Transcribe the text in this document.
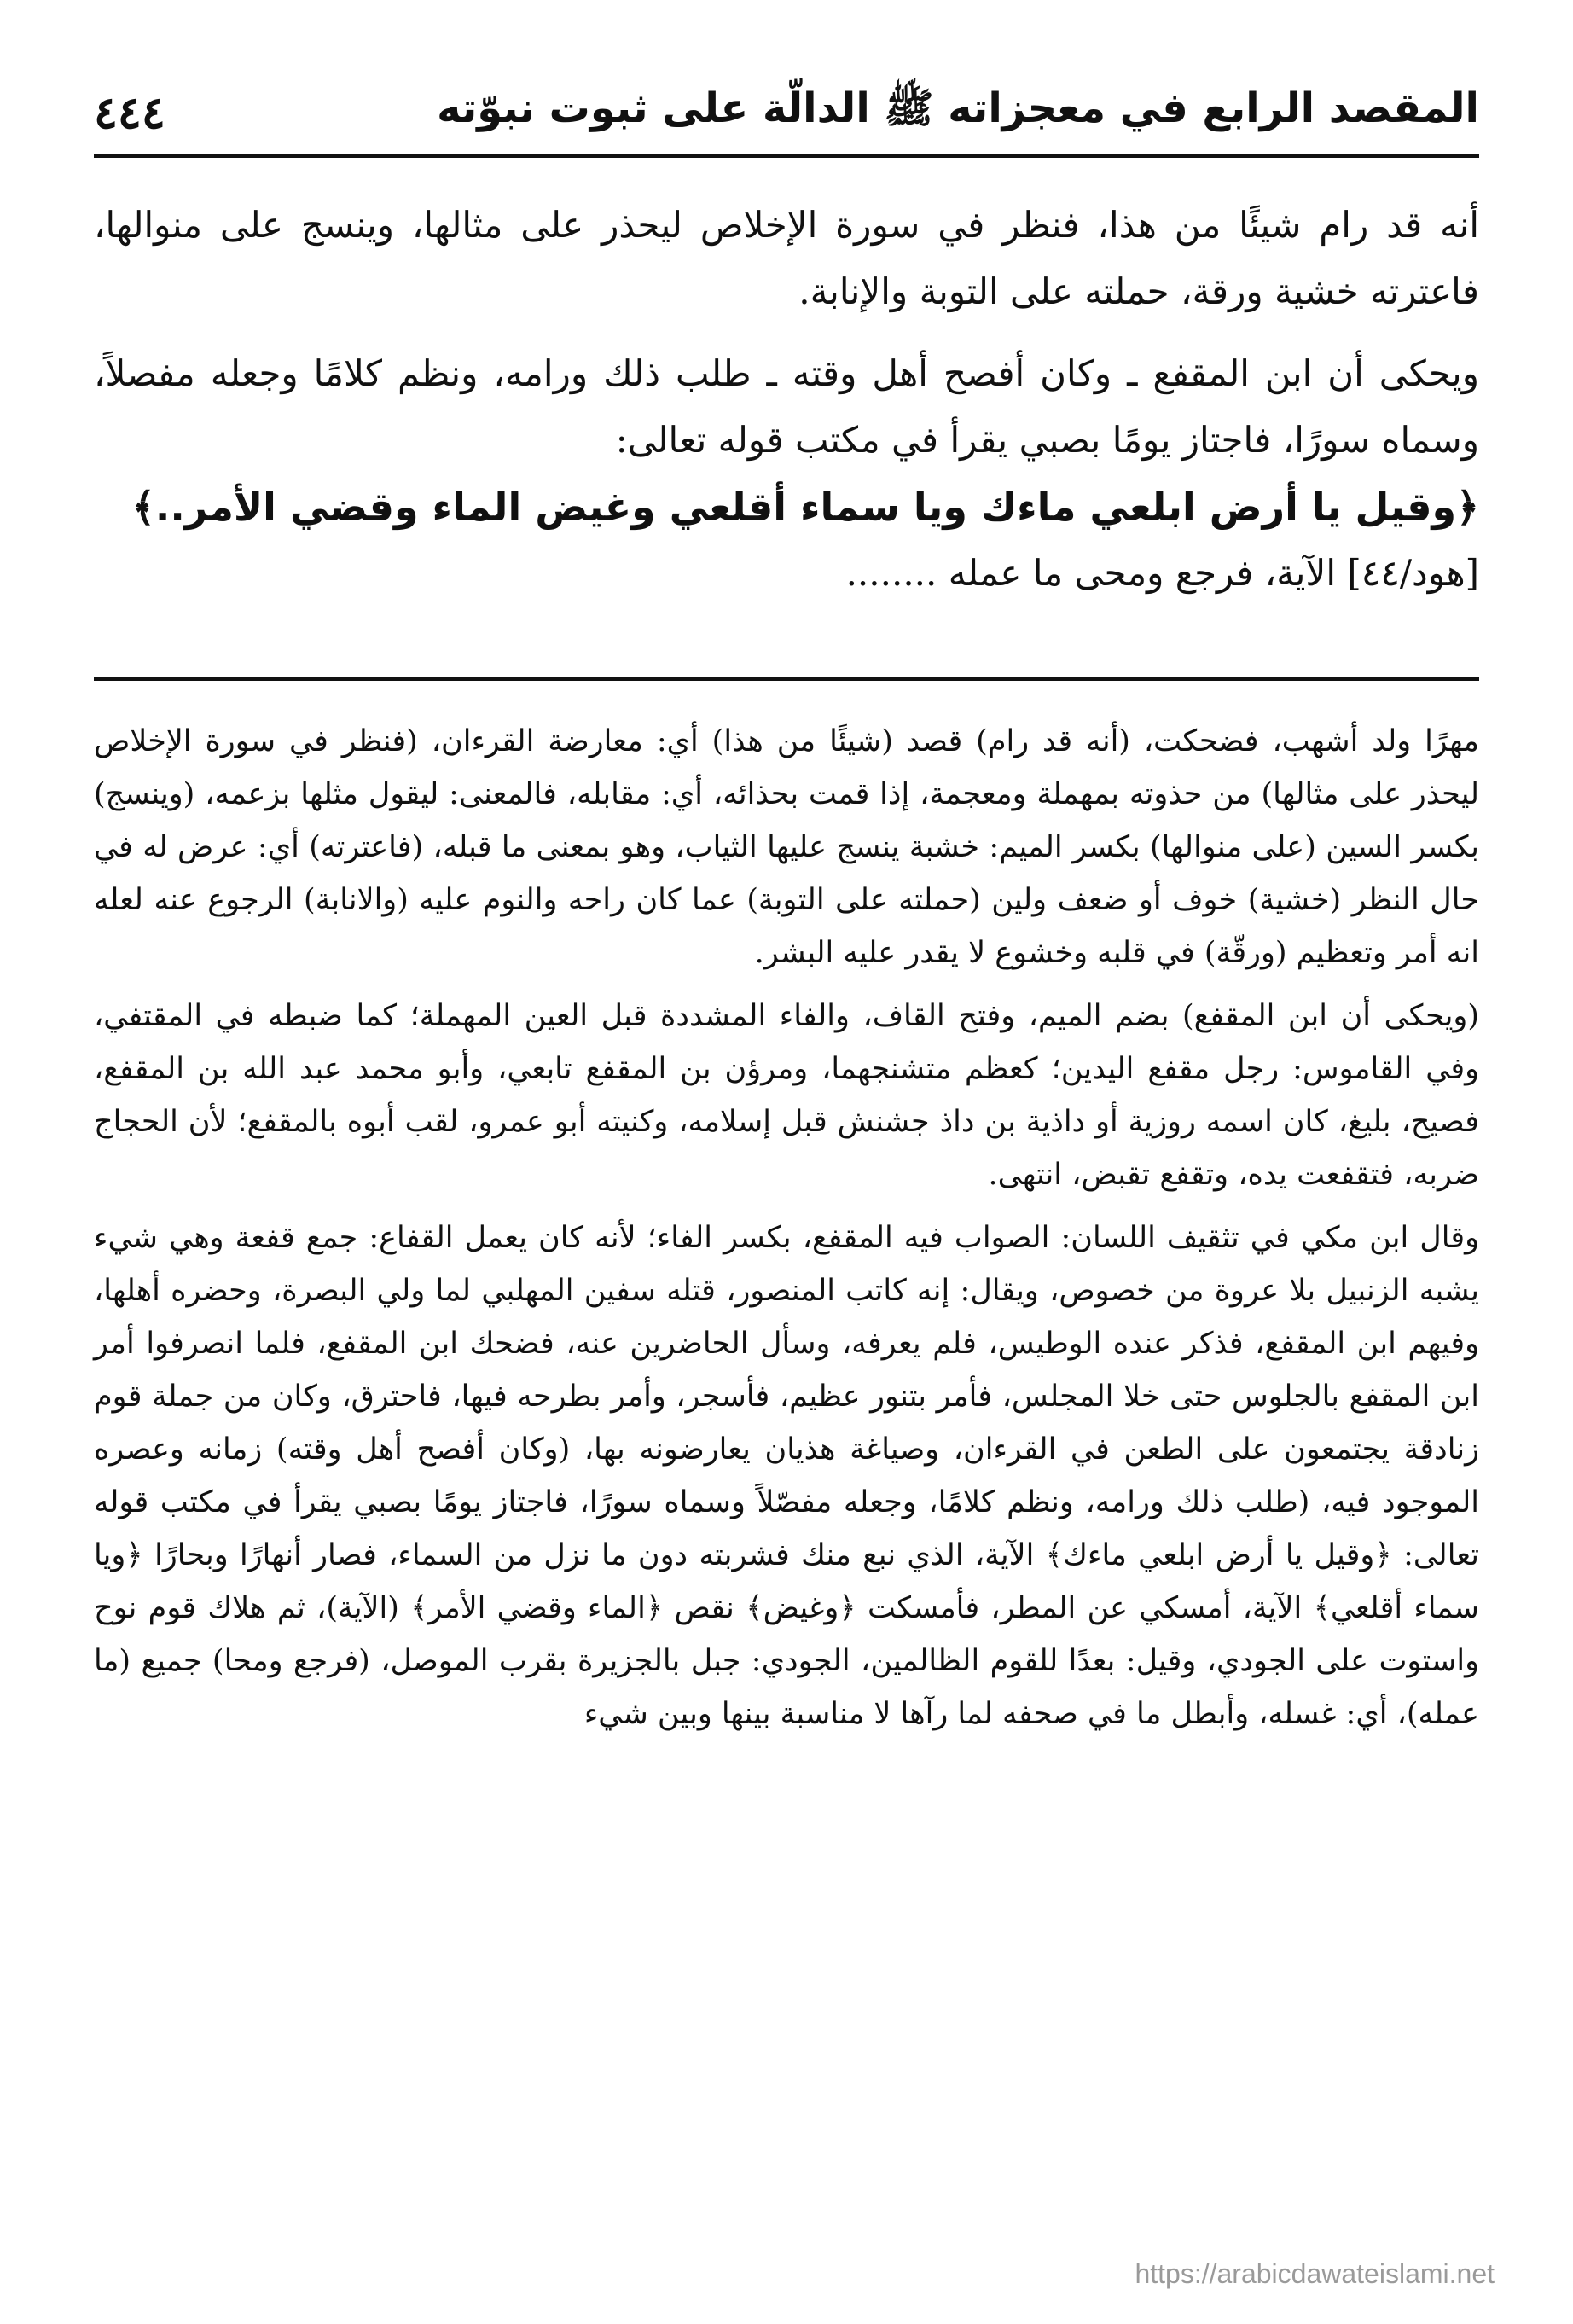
المقصد الرابع في معجزاته ﷺ الدالّة على ثبوت نبوّته
٤٤٤

أنه قد رام شيئًا من هذا، فنظر في سورة الإخلاص ليحذر على مثالها، وينسج على منوالها، فاعترته خشية ورقة، حملته على التوبة والإنابة.

ويحكى أن ابن المقفع ـ وكان أفصح أهل وقته ـ طلب ذلك ورامه، ونظم كلامًا وجعله مفصلاً، وسماه سورًا، فاجتاز يومًا بصبي يقرأ في مكتب قوله تعالى:

﴿وقيل يا أرض ابلعي ماءك ويا سماء أقلعي وغيض الماء وقضي الأمر..﴾
[هود/٤٤] الآية، فرجع ومحى ما عمله ........

مهرًا ولد أشهب، فضحكت، (أنه قد رام) قصد (شيئًا من هذا) أي: معارضة القرءان، (فنظر في سورة الإخلاص ليحذر على مثالها) من حذوته بمهملة ومعجمة، إذا قمت بحذائه، أي: مقابله، فالمعنى: ليقول مثلها بزعمه، (وينسج) بكسر السين (على منوالها) بكسر الميم: خشبة ينسج عليها الثياب، وهو بمعنى ما قبله، (فاعترته) أي: عرض له في حال النظر (خشية) خوف أو ضعف ولين (حملته على التوبة) عما كان راحه والنوم عليه (والانابة) الرجوع عنه لعله انه أمر وتعظيم (ورقّة) في قلبه وخشوع لا يقدر عليه البشر.

(ويحكى أن ابن المقفع) بضم الميم، وفتح القاف، والفاء المشددة قبل العين المهملة؛ كما ضبطه في المقتفي، وفي القاموس: رجل مقفع اليدين؛ كعظم متشنجهما، ومرؤن بن المقفع تابعي، وأبو محمد عبد الله بن المقفع، فصيح، بليغ، كان اسمه روزية أو داذية بن داذ جشنش قبل إسلامه، وكنيته أبو عمرو، لقب أبوه بالمقفع؛ لأن الحجاج ضربه، فتقفعت يده، وتقفع تقبض، انتهى.

وقال ابن مكي في تثقيف اللسان: الصواب فيه المقفع، بكسر الفاء؛ لأنه كان يعمل القفاع: جمع قفعة وهي شيء يشبه الزنبيل بلا عروة من خصوص، ويقال: إنه كاتب المنصور، قتله سفين المهلبي لما ولي البصرة، وحضره أهلها، وفيهم ابن المقفع، فذكر عنده الوطيس، فلم يعرفه، وسأل الحاضرين عنه، فضحك ابن المقفع، فلما انصرفوا أمر ابن المقفع بالجلوس حتى خلا المجلس، فأمر بتنور عظيم، فأسجر، وأمر بطرحه فيها، فاحترق، وكان من جملة قوم زنادقة يجتمعون على الطعن في القرءان، وصياغة هذيان يعارضونه بها، (وكان أفصح أهل وقته) زمانه وعصره الموجود فيه، (طلب ذلك ورامه، ونظم كلامًا، وجعله مفصّلاً وسماه سورًا، فاجتاز يومًا بصبي يقرأ في مكتب قوله تعالى: ﴿وقيل يا أرض ابلعي ماءك﴾ الآية، الذي نبع منك فشربته دون ما نزل من السماء، فصار أنهارًا وبحارًا ﴿ويا سماء أقلعي﴾ الآية، أمسكي عن المطر، فأمسكت ﴿وغيض﴾ نقص ﴿الماء وقضي الأمر﴾ (الآية)، ثم هلاك قوم نوح واستوت على الجودي، وقيل: بعدًا للقوم الظالمين، الجودي: جبل بالجزيرة بقرب الموصل، (فرجع ومحا) جميع (ما عمله)، أي: غسله، وأبطل ما في صحفه لما رآها لا مناسبة بينها وبين شيء

https://arabicdawateislami.net
